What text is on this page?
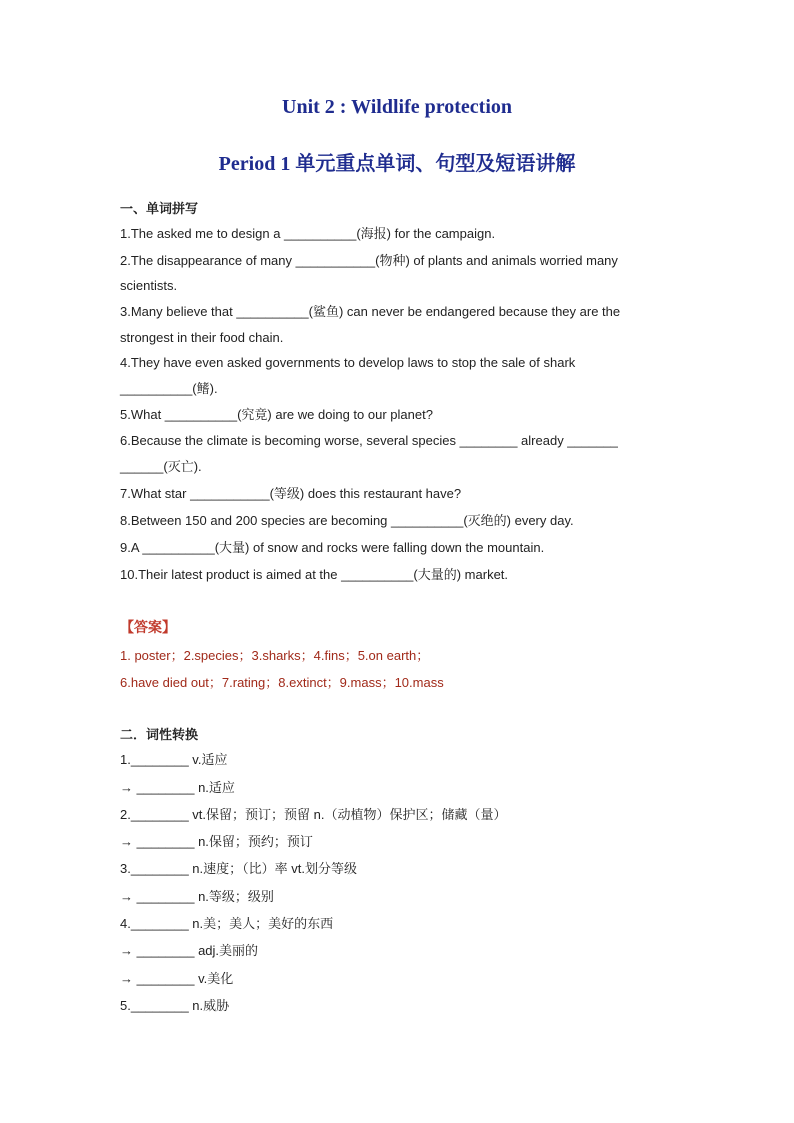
Unit 2 : Wildlife protection
Period 1 单元重点单词、句型及短语讲解
一、单词拼写
1.The asked me to design a __________(海报) for the campaign.
2.The disappearance of many ___________(物种) of plants and animals worried many
scientists.
3.Many believe that __________(鲨鱼) can never be endangered because they are the
strongest in their food chain.
4.They have even asked governments to develop laws to stop the sale of shark
__________(鳍).
5.What __________(究竟) are we doing to our planet?
6.Because the climate is becoming worse, several species ________ already _______
______(灭亡).
7.What star ___________(等级) does this restaurant have?
8.Between 150 and 200 species are becoming __________(灭绝的) every day.
9.A __________(大量) of snow and rocks were falling down the mountain.
10.Their latest product is aimed at the __________(大量的) market.
【答案】
1. poster；2.species；3.sharks；4.fins；5.on earth；
6.have died out；7.rating；8.extinct；9.mass；10.mass
二．词性转换
1.________ v.适应
→ ________ n.适应
2.________ vt.保留；预订；预留 n.（动植物）保护区；储藏（量）
→ ________ n.保留；预约；预订
3.________ n.速度；（比）率 vt.划分等级
→ ________ n.等级；级别
4.________ n.美；美人；美好的东西
→ ________ adj.美丽的
→ ________ v.美化
5.________ n.威胁
